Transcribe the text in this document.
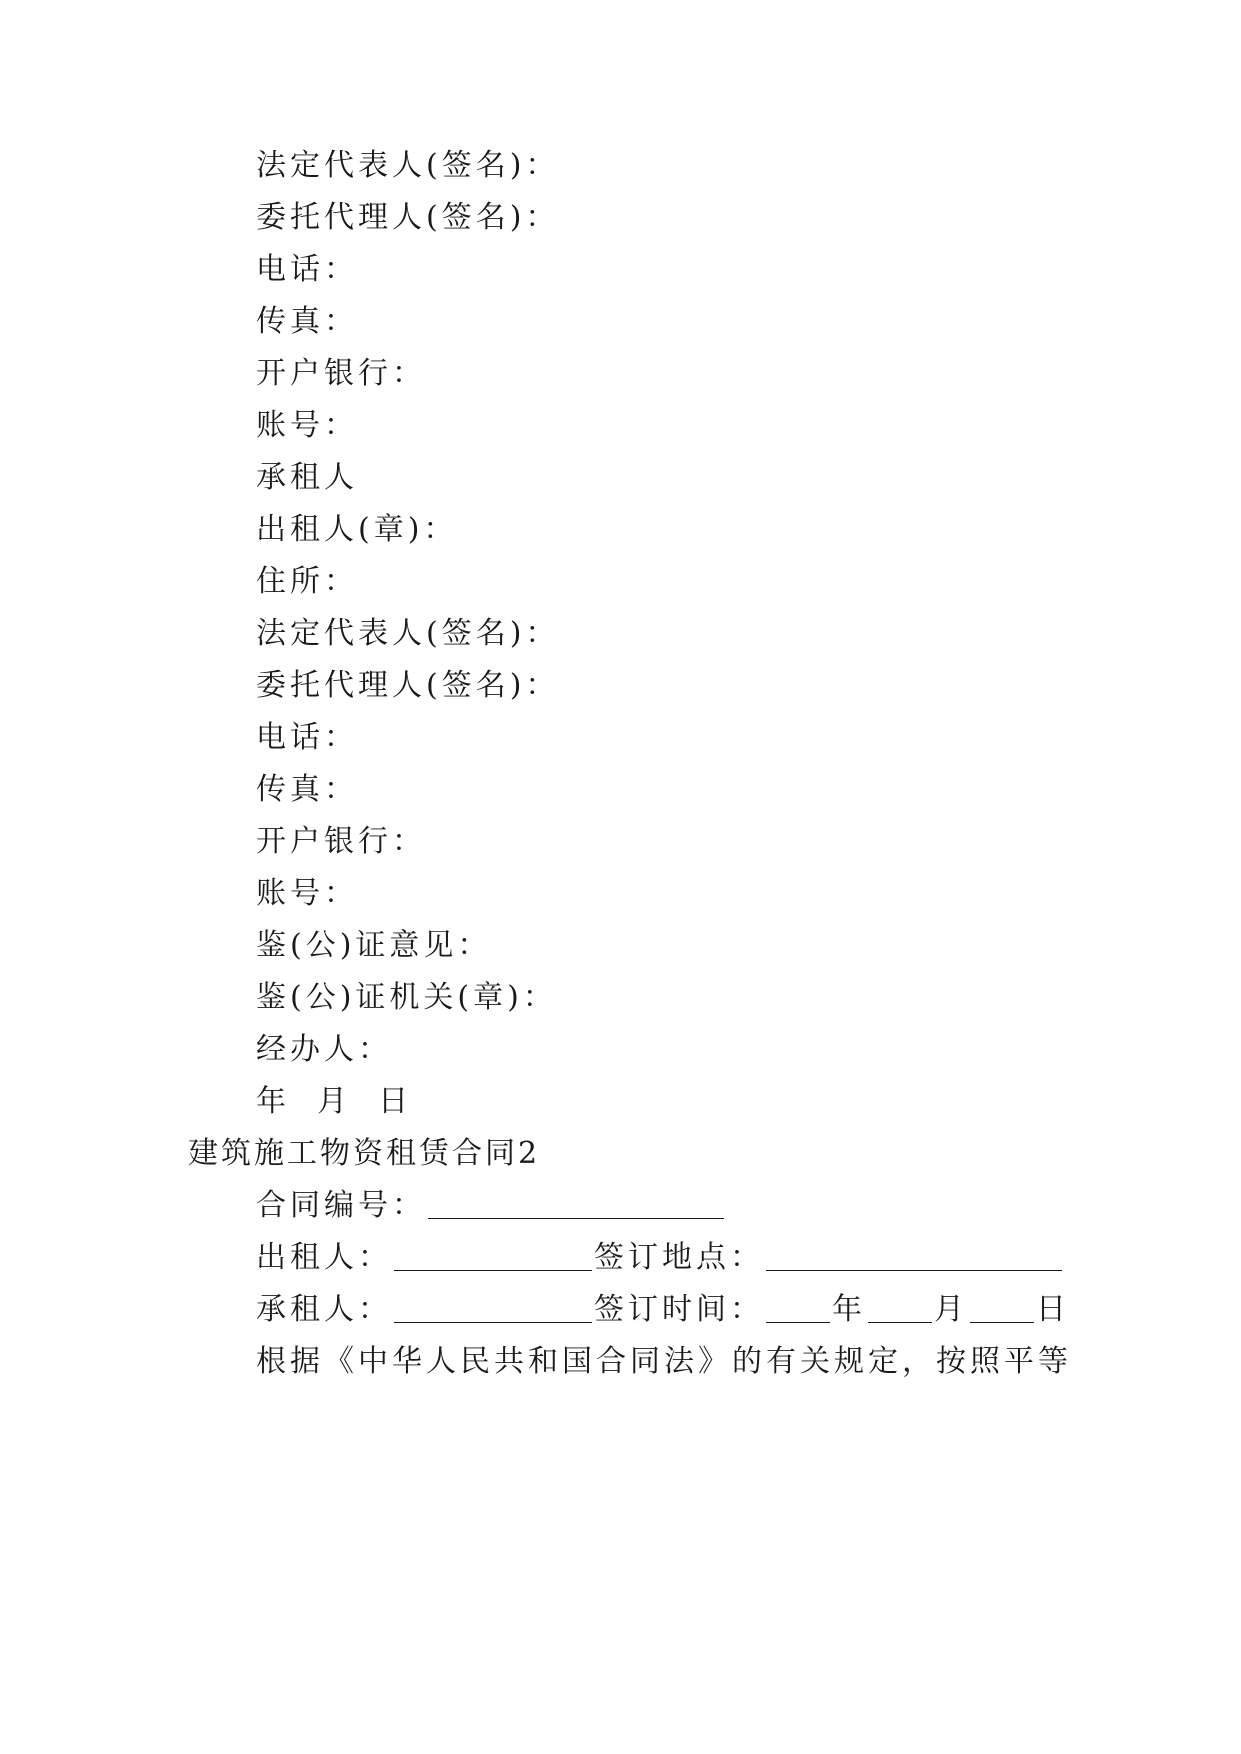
法定代表人(签名)：
委托代理人(签名)：
电话：
传真：
开户银行：
账号：
承租人
出租人(章)：
住所：
法定代表人(签名)：
委托代理人(签名)：
电话：
传真：
开户银行：
账号：
鉴(公)证意见：
鉴(公)证机关(章)：
经办人：
年  月  日
建筑施工物资租赁合同2
合同编号：
出租人：	签订地点：
承租人：	签订时间： 年 月 日
根据《中华人民共和国合同法》的有关规定，按照平等
